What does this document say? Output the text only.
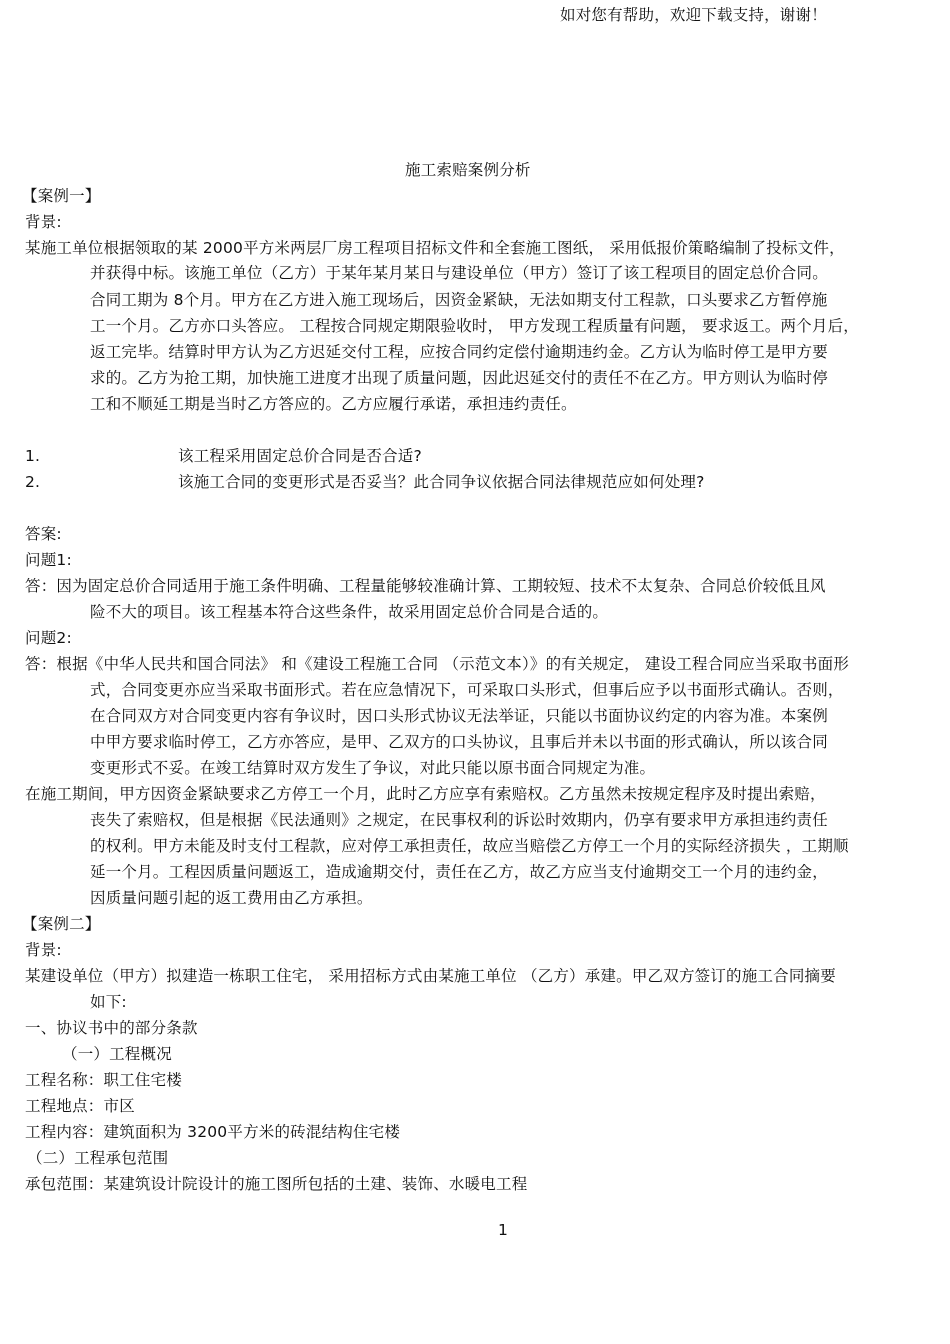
如对您有帮助，欢迎下载支持，谢谢！
施工索赔案例分析
【案例一】
背景:
某施工单位根据领取的某 2000平方米两层厂房工程项目招标文件和全套施工图纸， 采用低报价策略编制了投标文件，
并获得中标。该施工单位（乙方）于某年某月某日与建设单位（甲方）签订了该工程项目的固定总价合同。
合同工期为 8个月。甲方在乙方进入施工现场后，因资金紧缺，无法如期支付工程款，口头要求乙方暂停施
工一个月。乙方亦口头答应。 工程按合同规定期限验收时， 甲方发现工程质量有问题， 要求返工。两个月后，
返工完毕。结算时甲方认为乙方迟延交付工程，应按合同约定偿付逾期违约金。乙方认为临时停工是甲方要
求的。乙方为抢工期，加快施工进度才出现了质量问题，因此迟延交付的责任不在乙方。甲方则认为临时停
工和不顺延工期是当时乙方答应的。乙方应履行承诺，承担违约责任。
1.	该工程采用固定总价合同是否合适?
2.	该施工合同的变更形式是否妥当？此合同争议依据合同法律规范应如何处理?
答案:
问题1:
答：因为固定总价合同适用于施工条件明确、工程量能够较准确计算、工期较短、技术不太复杂、合同总价较低且风
险不大的项目。该工程基本符合这些条件，故采用固定总价合同是合适的。
问题2:
答：根据《中华人民共和国合同法》 和《建设工程施工合同 （示范文本）》的有关规定， 建设工程合同应当采取书面形
式，合同变更亦应当采取书面形式。若在应急情况下，可采取口头形式，但事后应予以书面形式确认。否则，
在合同双方对合同变更内容有争议时，因口头形式协议无法举证，只能以书面协议约定的内容为准。本案例
中甲方要求临时停工，乙方亦答应，是甲、乙双方的口头协议，且事后并未以书面的形式确认，所以该合同
变更形式不妥。在竣工结算时双方发生了争议，对此只能以原书面合同规定为准。
在施工期间，甲方因资金紧缺要求乙方停工一个月，此时乙方应享有索赔权。乙方虽然未按规定程序及时提出索赔，
丧失了索赔权，但是根据《民法通则》之规定，在民事权利的诉讼时效期内，仍享有要求甲方承担违约责任
的权利。甲方未能及时支付工程款，应对停工承担责任，故应当赔偿乙方停工一个月的实际经济损失 ，工期顺
延一个月。工程因质量问题返工，造成逾期交付，责任在乙方，故乙方应当支付逾期交工一个月的违约金，
因质量问题引起的返工费用由乙方承担。
【案例二】
背景:
某建设单位（甲方）拟建造一栋职工住宅， 采用招标方式由某施工单位 （乙方）承建。甲乙双方签订的施工合同摘要
如下:
一、协议书中的部分条款
（一）工程概况
工程名称：职工住宅楼
工程地点：市区
工程内容：建筑面积为 3200平方米的砖混结构住宅楼
（二）工程承包范围
承包范围：某建筑设计院设计的施工图所包括的土建、装饰、水暖电工程
1
